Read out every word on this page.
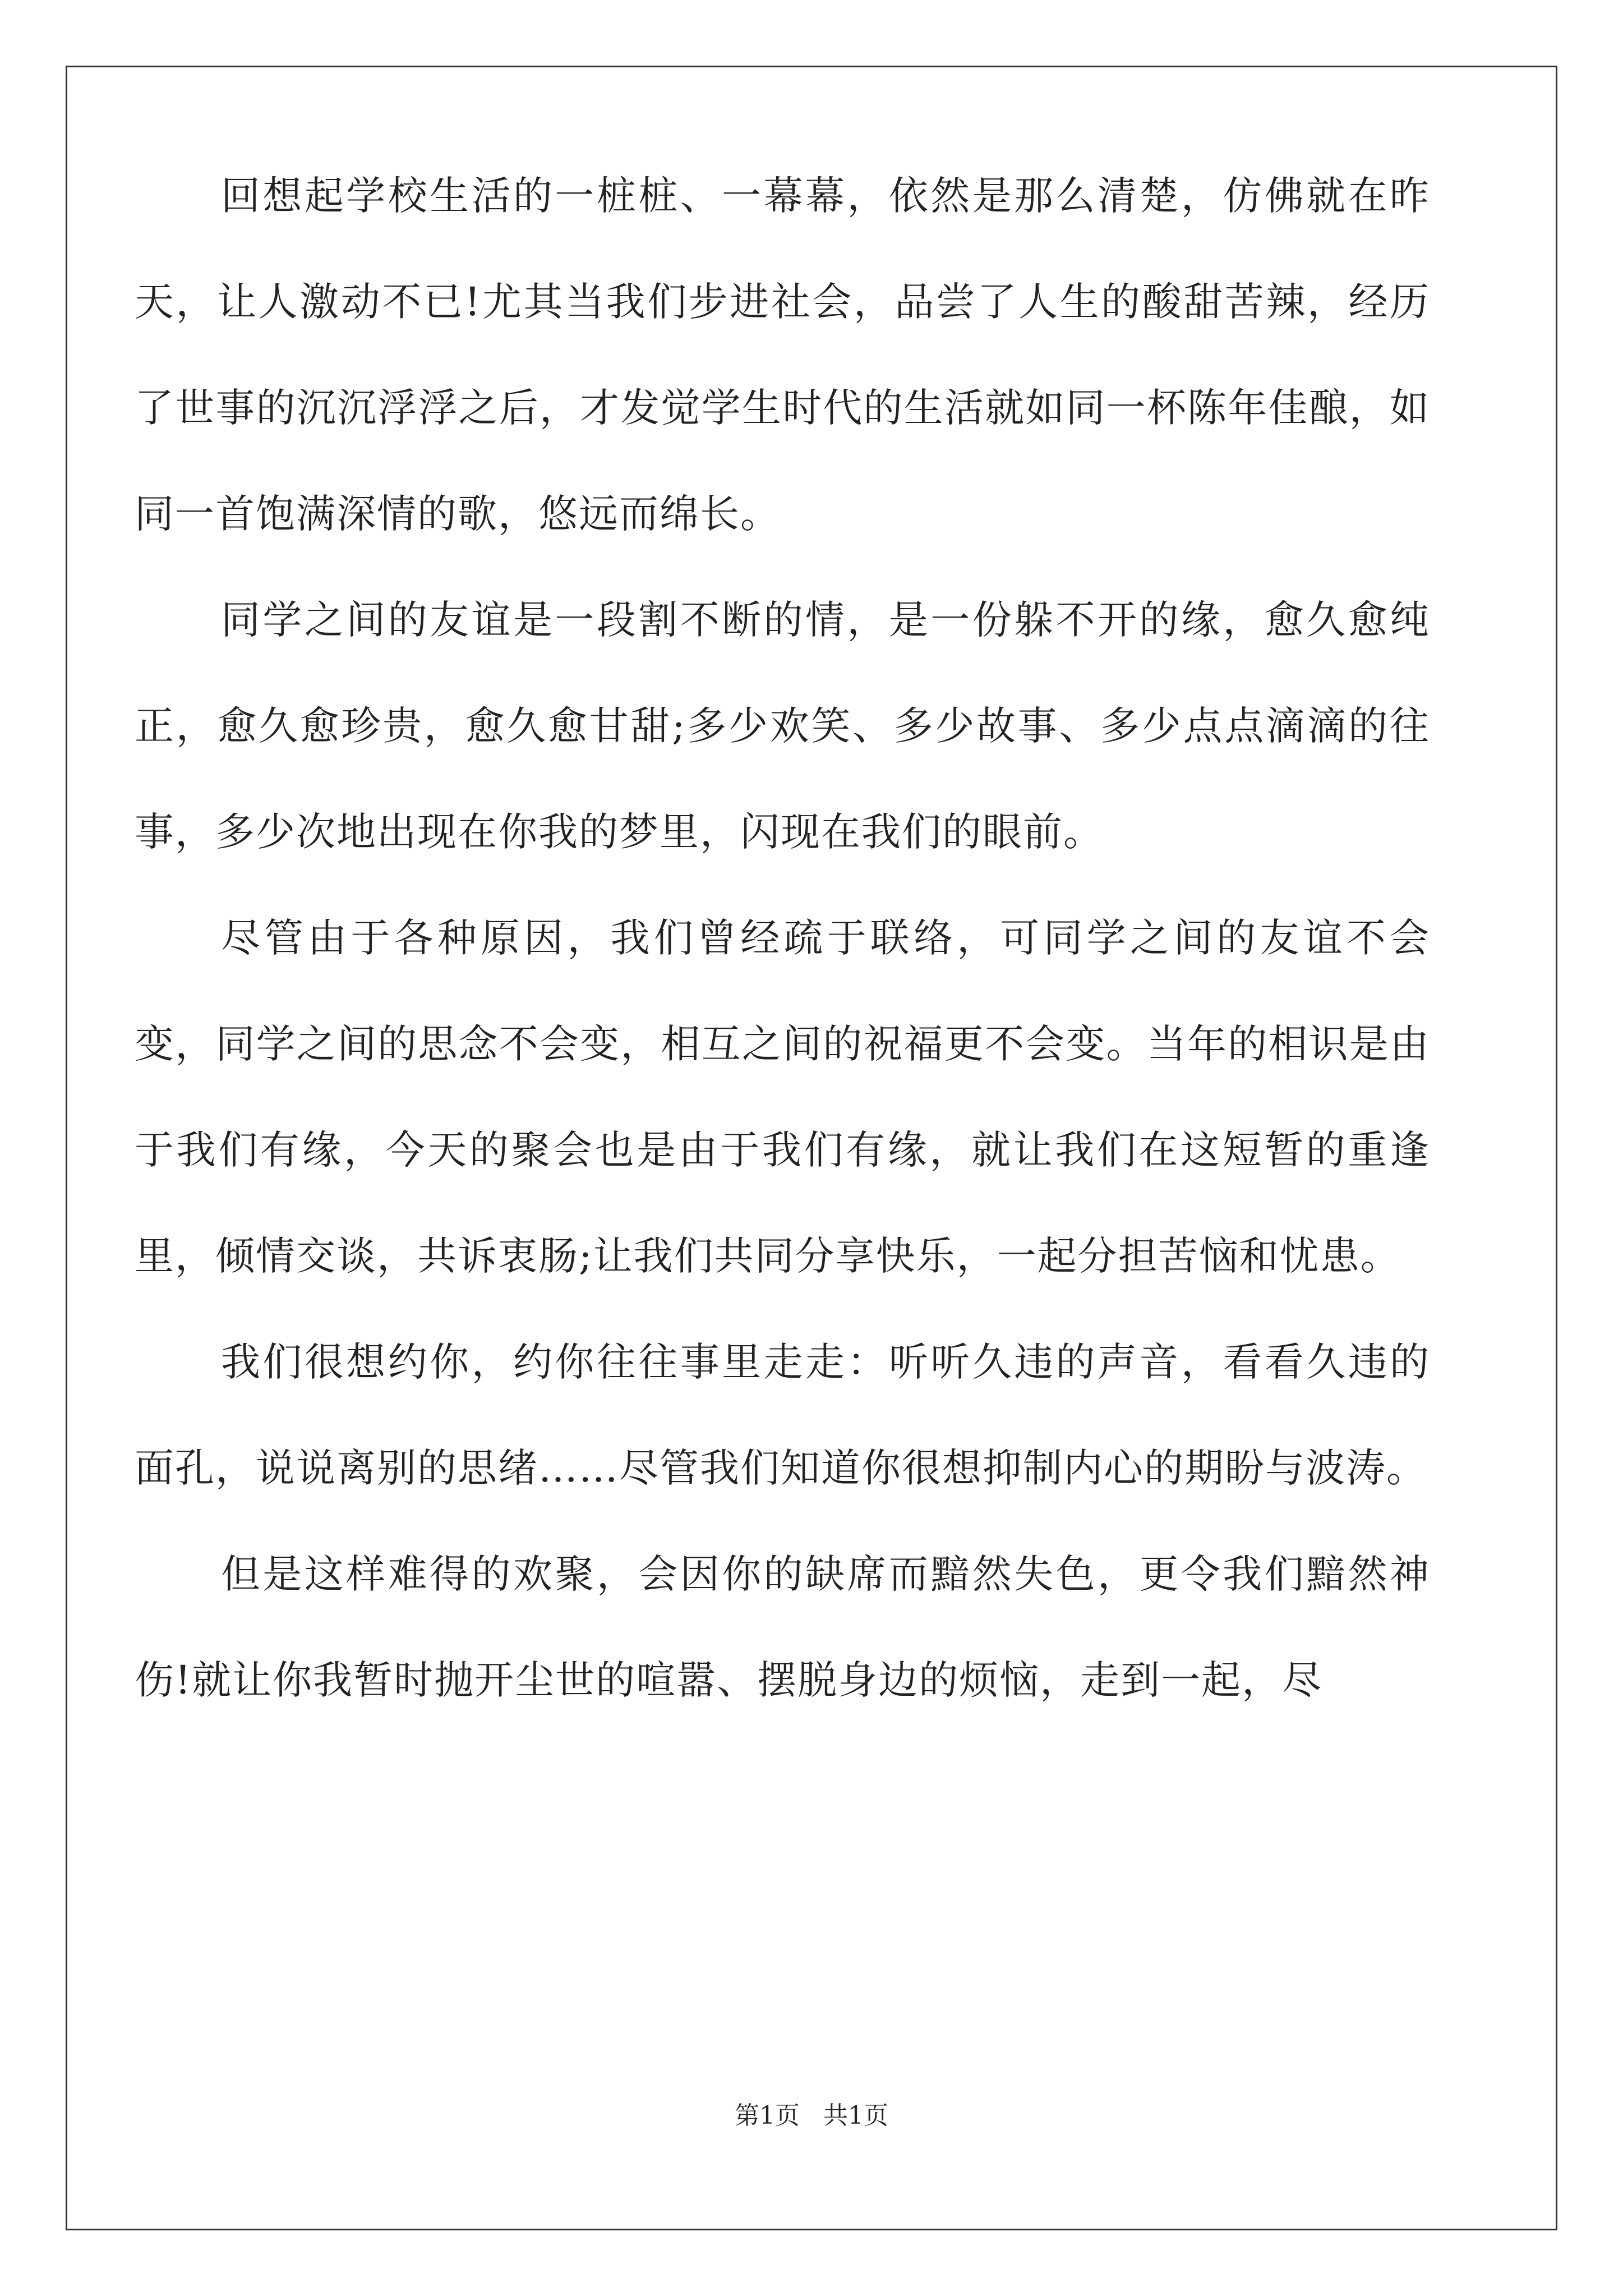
回想起学校生活的一桩桩、一幕幕，依然是那么清楚，仿佛就在昨天，让人激动不已!尤其当我们步进社会，品尝了人生的酸甜苦辣，经历了世事的沉沉浮浮之后，才发觉学生时代的生活就如同一杯陈年佳酿，如同一首饱满深情的歌，悠远而绵长。

同学之间的友谊是一段割不断的情，是一份躲不开的缘，愈久愈纯正，愈久愈珍贵，愈久愈甘甜;多少欢笑、多少故事、多少点点滴滴的往事，多少次地出现在你我的梦里，闪现在我们的眼前。

尽管由于各种原因，我们曾经疏于联络，可同学之间的友谊不会变，同学之间的思念不会变，相互之间的祝福更不会变。当年的相识是由于我们有缘，今天的聚会也是由于我们有缘，就让我们在这短暂的重逢里，倾情交谈，共诉衷肠;让我们共同分享快乐，一起分担苦恼和忧患。

我们很想约你，约你往往事里走走：听听久违的声音，看看久违的面孔，说说离别的思绪……尽管我们知道你很想抑制内心的期盼与波涛。

但是这样难得的欢聚，会因你的缺席而黯然失色，更令我们黯然神伤!就让你我暂时抛开尘世的喧嚣、摆脱身边的烦恼，走到一起，尽

第1页   共1页
